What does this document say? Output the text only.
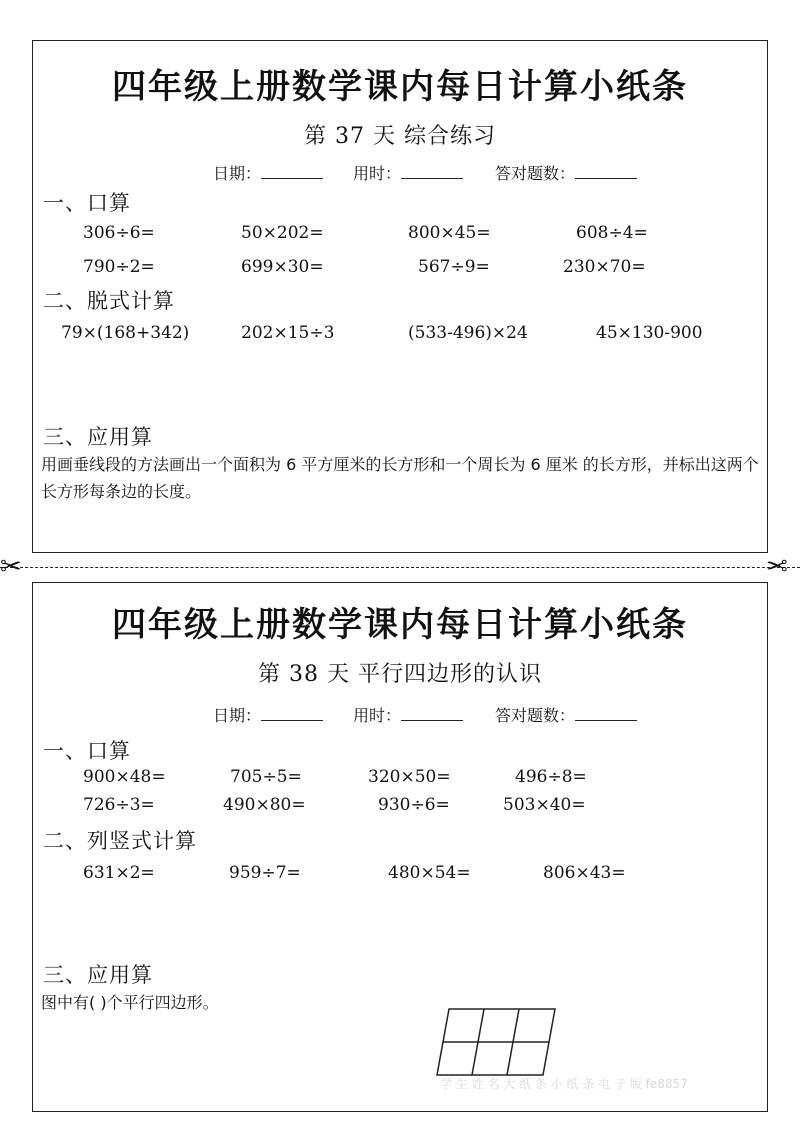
四年级上册数学课内每日计算小纸条
第 37 天 综合练习
日期：	用时：	答对题数：
一、口算
306÷6=	50×202=	800×45=	608÷4=
790÷2=	699×30=	567÷9=	230×70=
二、脱式计算
79×(168+342)	202×15÷3	(533-496)×24	45×130-900
三、应用算
用画垂线段的方法画出一个面积为 6 平方厘米的长方形和一个周长为 6 厘米 的长方形，并标出这两个长方形每条边的长度。
✂	✂
四年级上册数学课内每日计算小纸条
第 38 天 平行四边形的认识
日期：	用时：	答对题数：
一、口算
900×48=	705÷5=	320×50=	496÷8=
726÷3=	490×80=	930÷6=	503×40=
二、列竖式计算
631×2=	959÷7=	480×54=	806×43=
三、应用算
图中有( )个平行四边形。
学 生 姓 名 大 纸 条 小 纸 条 电 子 版 fe8857
